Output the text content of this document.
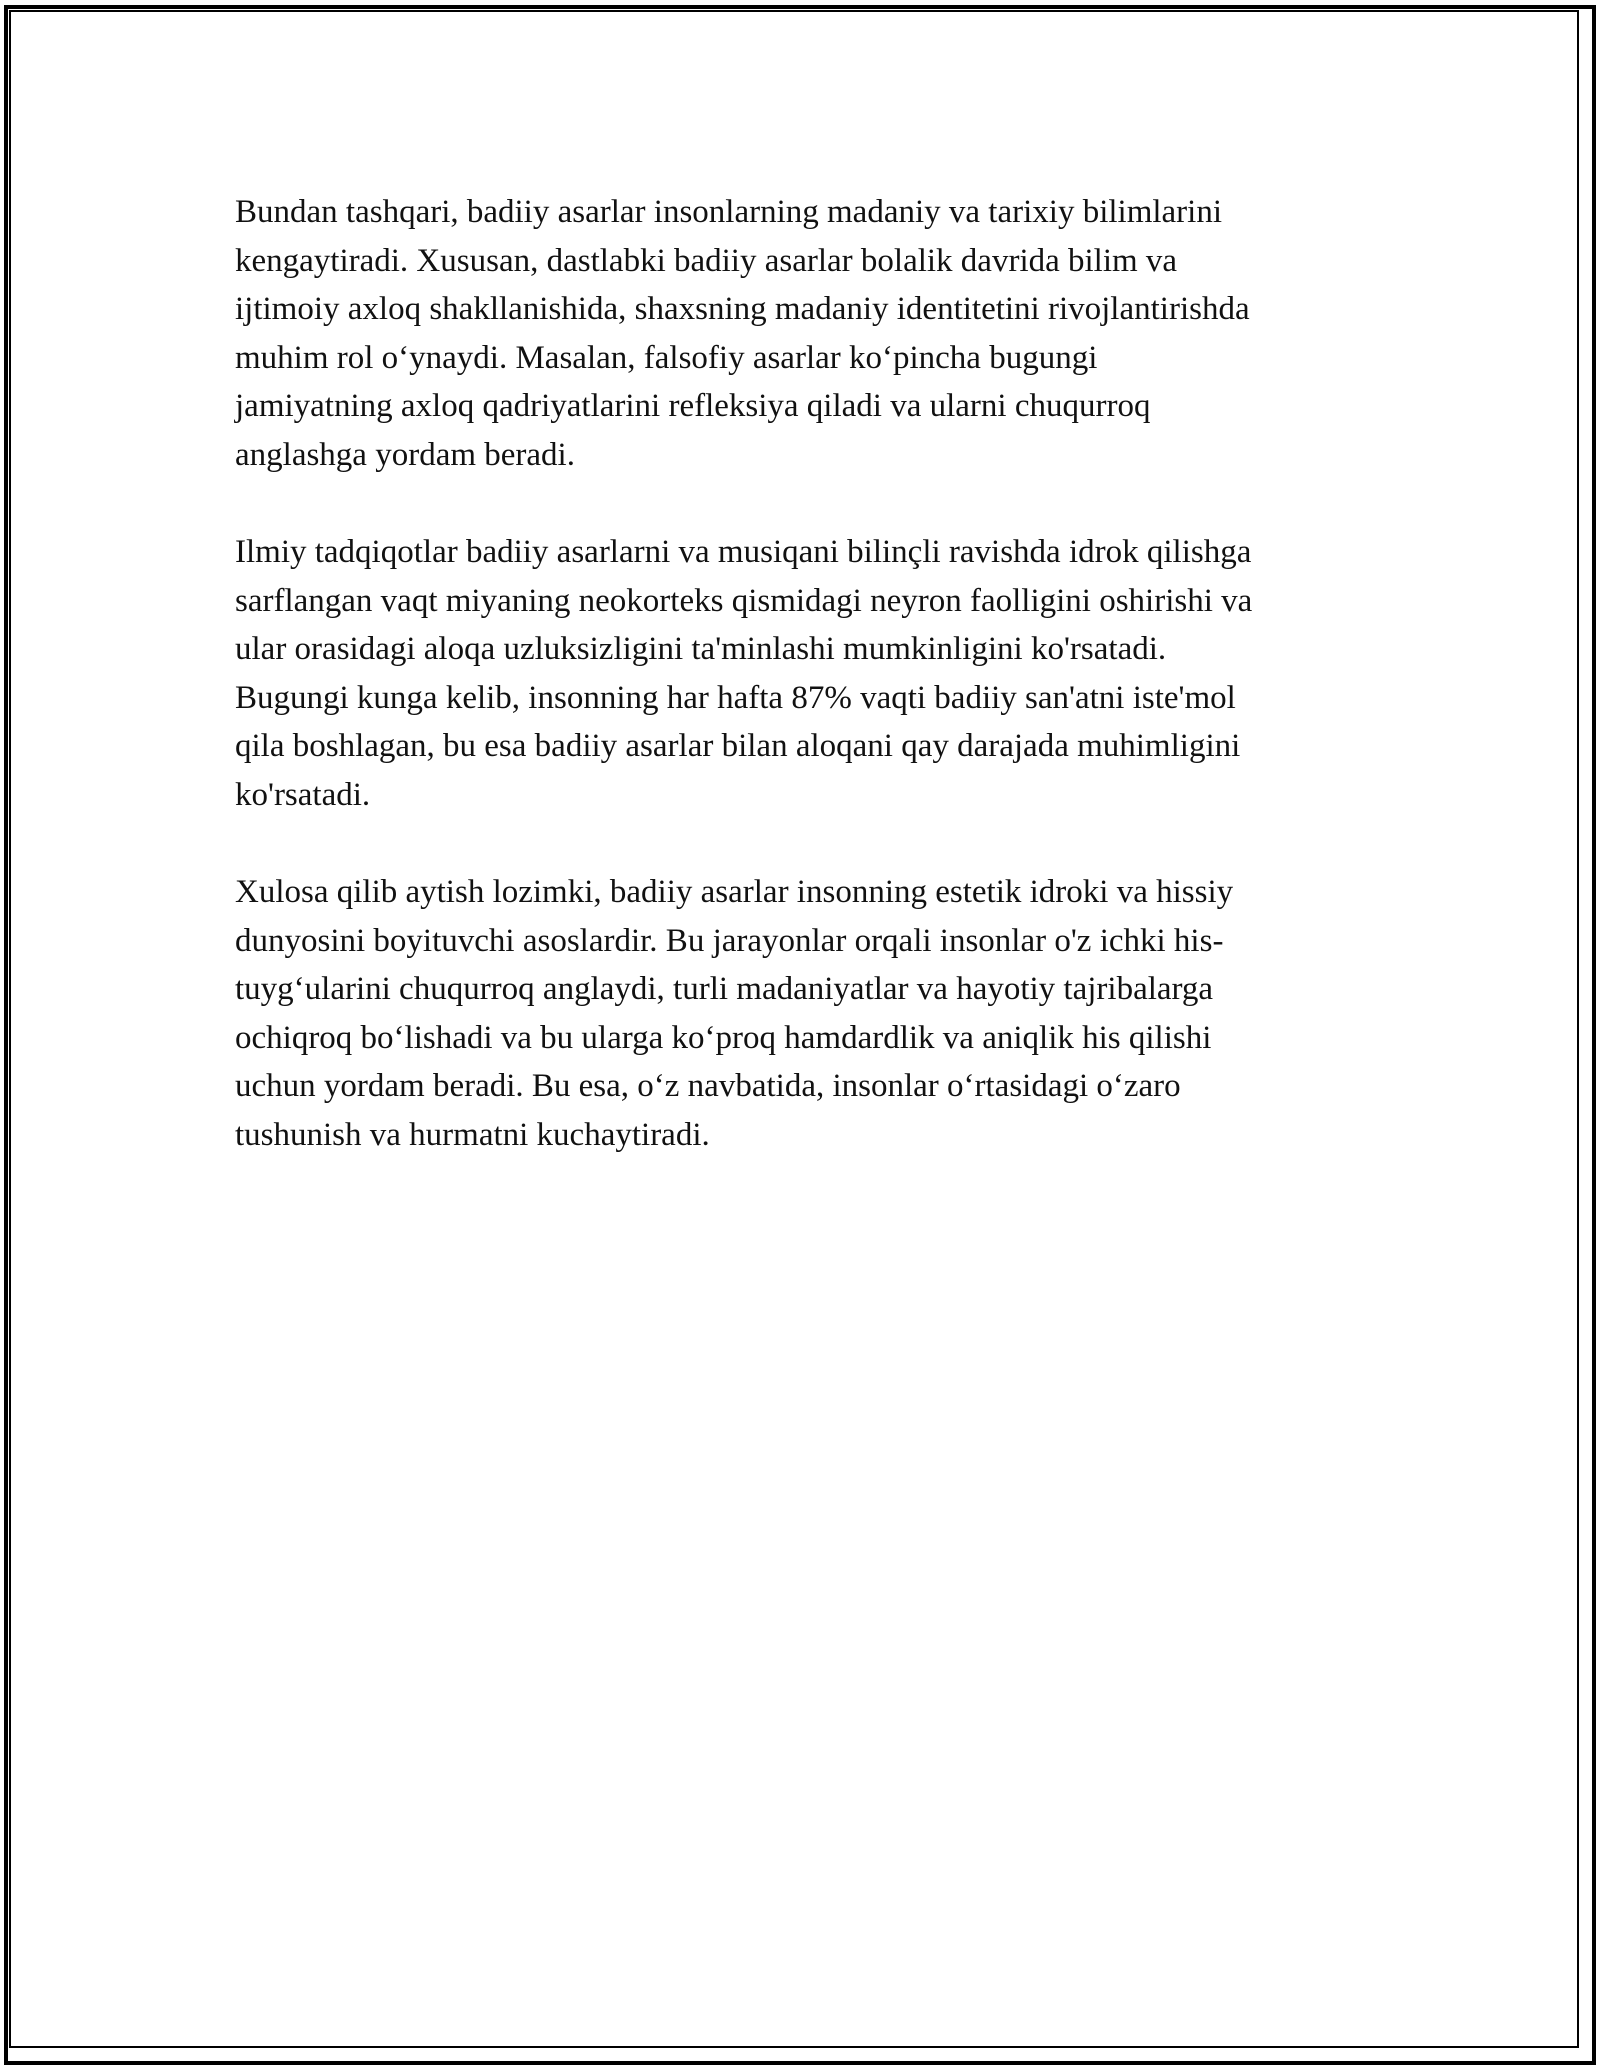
Bundan tashqari, badiiy asarlar insonlarning madaniy va tarixiy bilimlarini
kengaytiradi. Xususan, dastlabki badiiy asarlar bolalik davrida bilim va
ijtimoiy axloq shakllanishida, shaxsning madaniy identitetini rivojlantirishda
muhim rol o‘ynaydi. Masalan, falsofiy asarlar ko‘pincha bugungi
jamiyatning axloq qadriyatlarini refleksiya qiladi va ularni chuqurroq
anglashga yordam beradi.

Ilmiy tadqiqotlar badiiy asarlarni va musiqani bilinçli ravishda idrok qilishga
sarflangan vaqt miyaning neokorteks qismidagi neyron faolligini oshirishi va
ular orasidagi aloqa uzluksizligini ta'minlashi mumkinligini ko'rsatadi.
Bugungi kunga kelib, insonning har hafta 87% vaqti badiiy san'atni iste'mol
qila boshlagan, bu esa badiiy asarlar bilan aloqani qay darajada muhimligini
ko'rsatadi.

Xulosa qilib aytish lozimki, badiiy asarlar insonning estetik idroki va hissiy
dunyosini boyituvchi asoslardir. Bu jarayonlar orqali insonlar o'z ichki his-
tuyg‘ularini chuqurroq anglaydi, turli madaniyatlar va hayotiy tajribalarga
ochiqroq bo‘lishadi va bu ularga ko‘proq hamdardlik va aniqlik his qilishi
uchun yordam beradi. Bu esa, o‘z navbatida, insonlar o‘rtasidagi o‘zaro
tushunish va hurmatni kuchaytiradi.
